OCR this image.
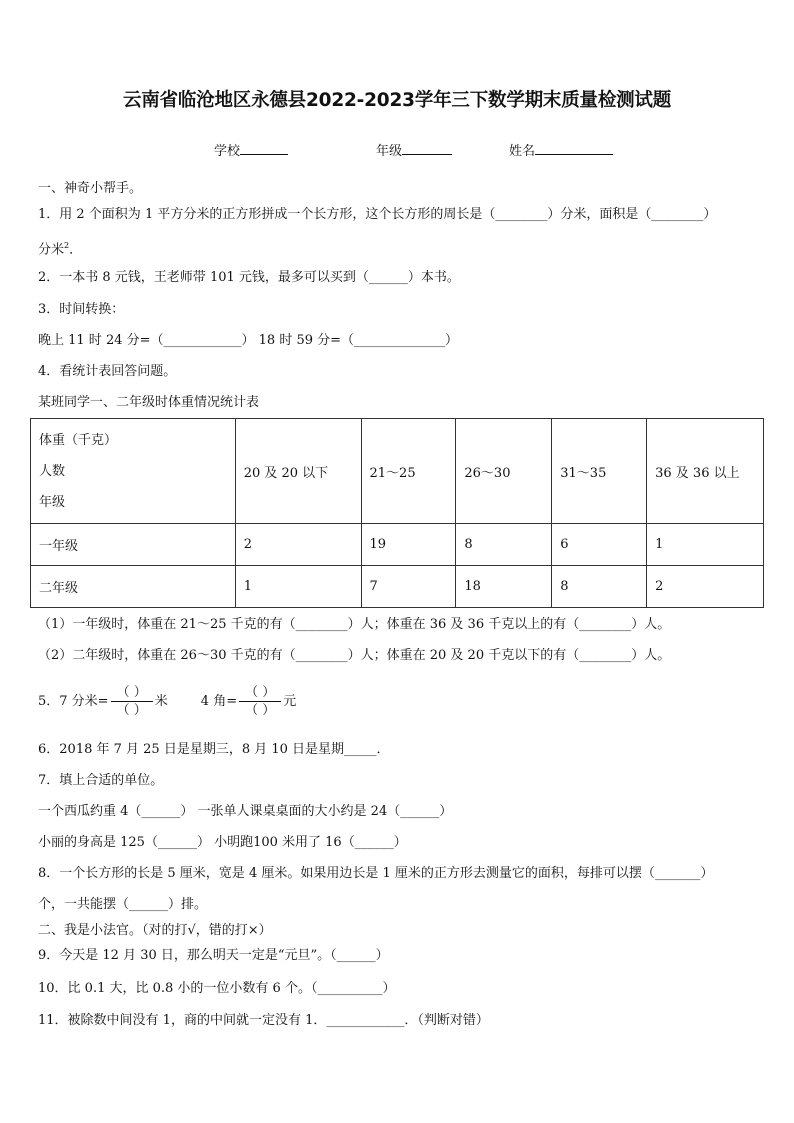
云南省临沧地区永德县2022-2023学年三下数学期末质量检测试题
学校	年级	姓名
一、神奇小帮手。
1．用 2 个面积为 1 平方分米的正方形拼成一个长方形，这个长方形的周长是（________）分米，面积是（________）
分米$^2$．
2．一本书 8 元钱，王老师带 101 元钱，最多可以买到（______）本书。
3．时间转换：
晚上 11 时 24 分=（____________） 18 时 59 分=（______________）
4．看统计表回答问题。
某班同学一、二年级时体重情况统计表
体重（千克）
人数
年级	20 及 20 以下	21～25	26～30	31～35	36 及 36 以上
一年级	2	19	8	6	1
二年级	1	7	18	8	2
（1）一年级时，体重在 21～25 千克的有（________）人；体重在 36 及 36 千克以上的有（________）人。
（2）二年级时，体重在 26～30 千克的有（________）人；体重在 20 及 20 千克以下的有（________）人。
5．7 分米= $\frac{( )}{( )}$ 米	4 角= $\frac{( )}{( )}$ 元
6．2018 年 7 月 25 日是星期三，8 月 10 日是星期_____．
7．填上合适的单位。
一个西瓜约重 4（______） 一张单人课桌桌面的大小约是 24（______）
小丽的身高是 125（______） 小明跑100 米用了 16（______）
8．一个长方形的长是 5 厘米，宽是 4 厘米。如果用边长是 1 厘米的正方形去测量它的面积，每排可以摆（_______）
个，一共能摆（______）排。
二、我是小法官。（对的打√，错的打×）
9．今天是 12 月 30 日，那么明天一定是“元旦”。（______）
10．比 0.1 大，比 0.8 小的一位小数有 6 个。（__________）
11．被除数中间没有 1，商的中间就一定没有 1．____________．（判断对错）
